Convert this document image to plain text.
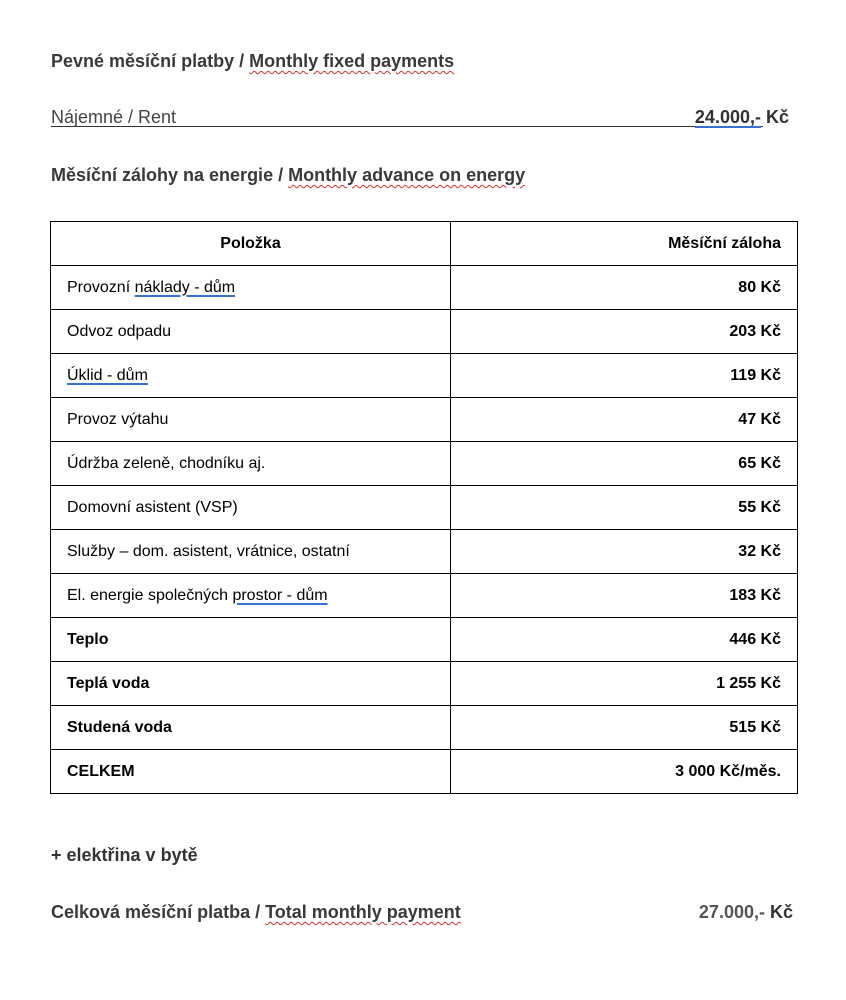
Pevné měsíční platby / Monthly fixed payments
Nájemné / Rent	24.000,- Kč
Měsíční zálohy na energie / Monthly advance on energy
Položka	Měsíční záloha
Provozní náklady - dům	80 Kč
Odvoz odpadu	203 Kč
Úklid - dům	119 Kč
Provoz výtahu	47 Kč
Údržba zeleně, chodníku aj.	65 Kč
Domovní asistent (VSP)	55 Kč
Služby – dom. asistent, vrátnice, ostatní	32 Kč
El. energie společných prostor - dům	183 Kč
Teplo	446 Kč
Teplá voda	1 255 Kč
Studená voda	515 Kč
CELKEM	3 000 Kč/měs.
+ elektřina v bytě
Celková měsíční platba / Total monthly payment	27.000,- Kč
